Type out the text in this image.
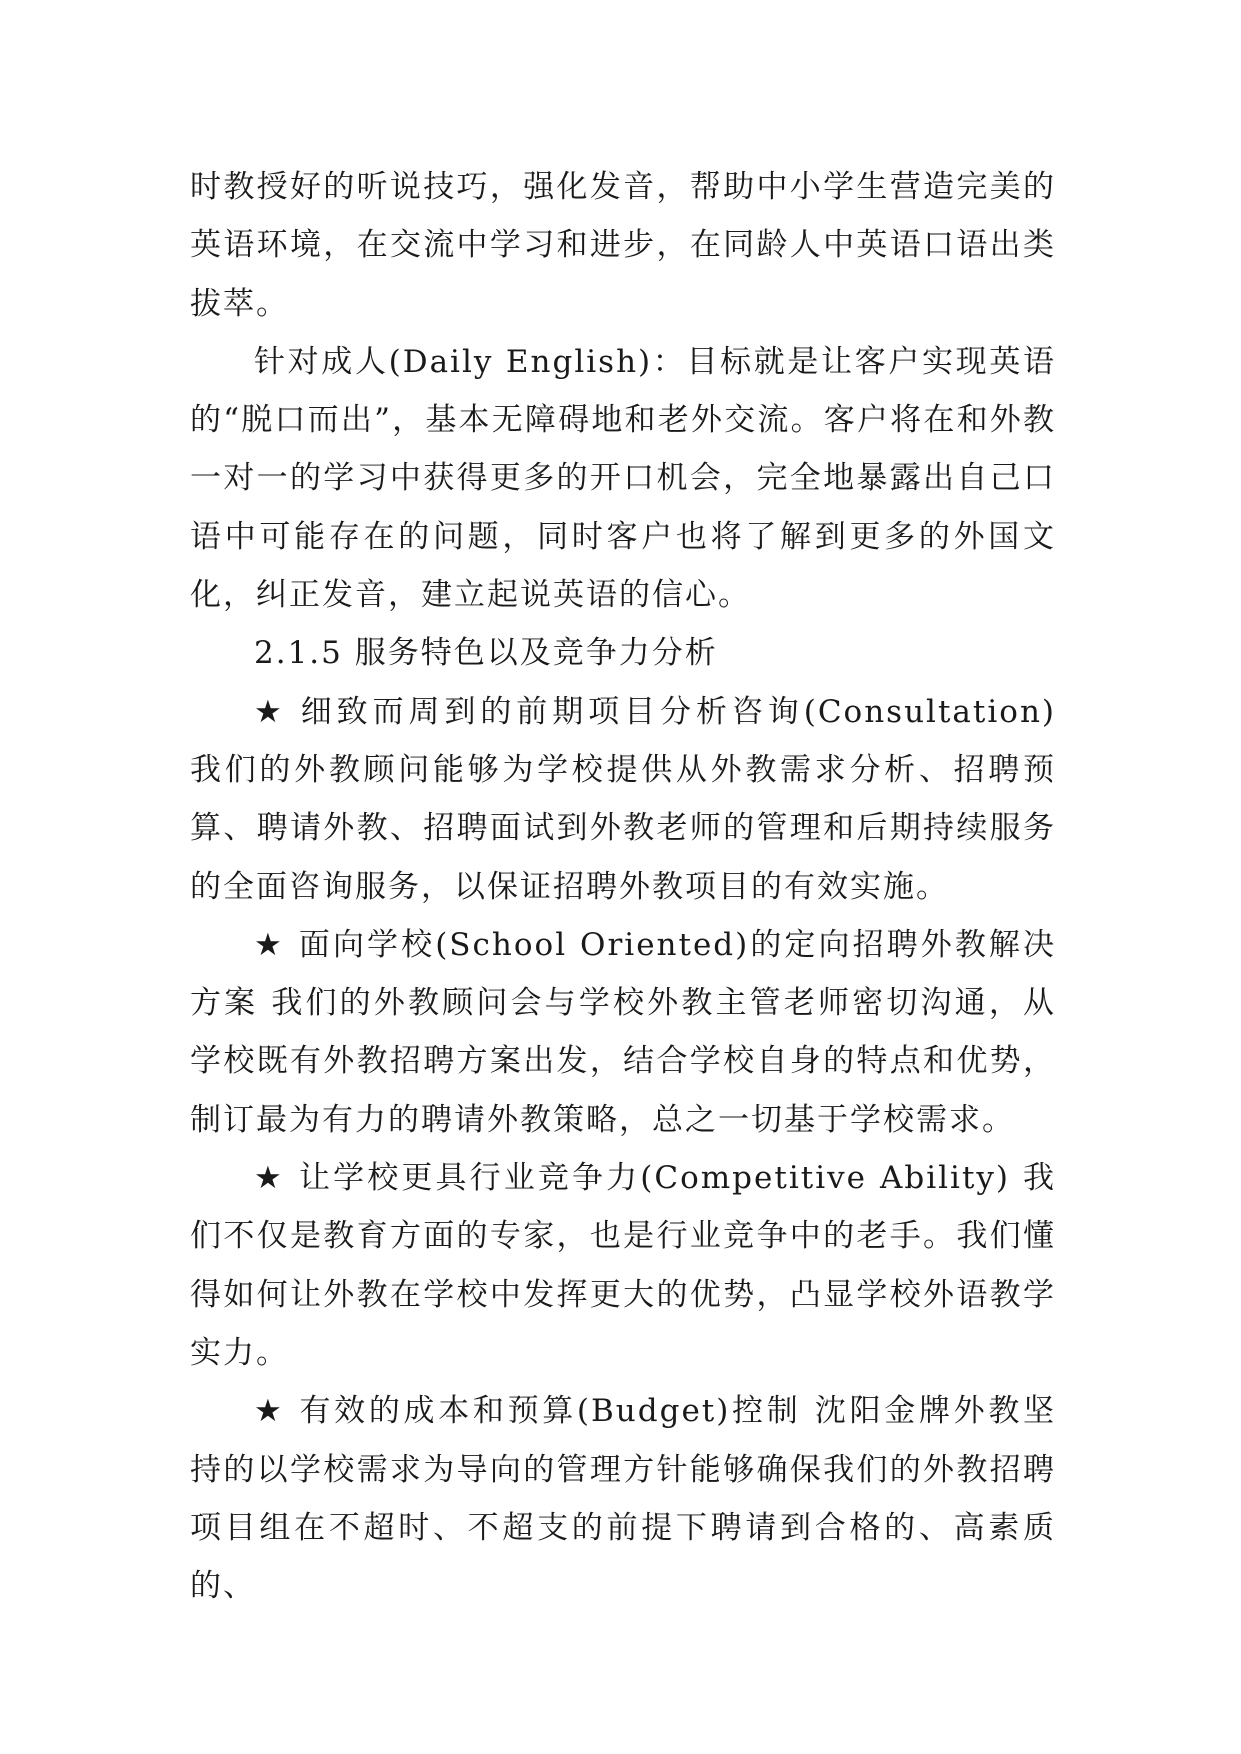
时教授好的听说技巧，强化发音，帮助中小学生营造完美的英语环境，在交流中学习和进步，在同龄人中英语口语出类拔萃。

针对成人(Daily English)：目标就是让客户实现英语的“脱口而出”，基本无障碍地和老外交流。客户将在和外教一对一的学习中获得更多的开口机会，完全地暴露出自己口语中可能存在的问题，同时客户也将了解到更多的外国文化，纠正发音，建立起说英语的信心。

2.1.5 服务特色以及竞争力分析

★ 细致而周到的前期项目分析咨询(Consultation) 我们的外教顾问能够为学校提供从外教需求分析、招聘预算、聘请外教、招聘面试到外教老师的管理和后期持续服务的全面咨询服务，以保证招聘外教项目的有效实施。

★ 面向学校(School Oriented)的定向招聘外教解决方案 我们的外教顾问会与学校外教主管老师密切沟通，从学校既有外教招聘方案出发，结合学校自身的特点和优势，制订最为有力的聘请外教策略，总之一切基于学校需求。

★ 让学校更具行业竞争力(Competitive Ability) 我们不仅是教育方面的专家，也是行业竞争中的老手。我们懂得如何让外教在学校中发挥更大的优势，凸显学校外语教学实力。

★ 有效的成本和预算(Budget)控制 沈阳金牌外教坚持的以学校需求为导向的管理方针能够确保我们的外教招聘项目组在不超时、不超支的前提下聘请到合格的、高素质的、
